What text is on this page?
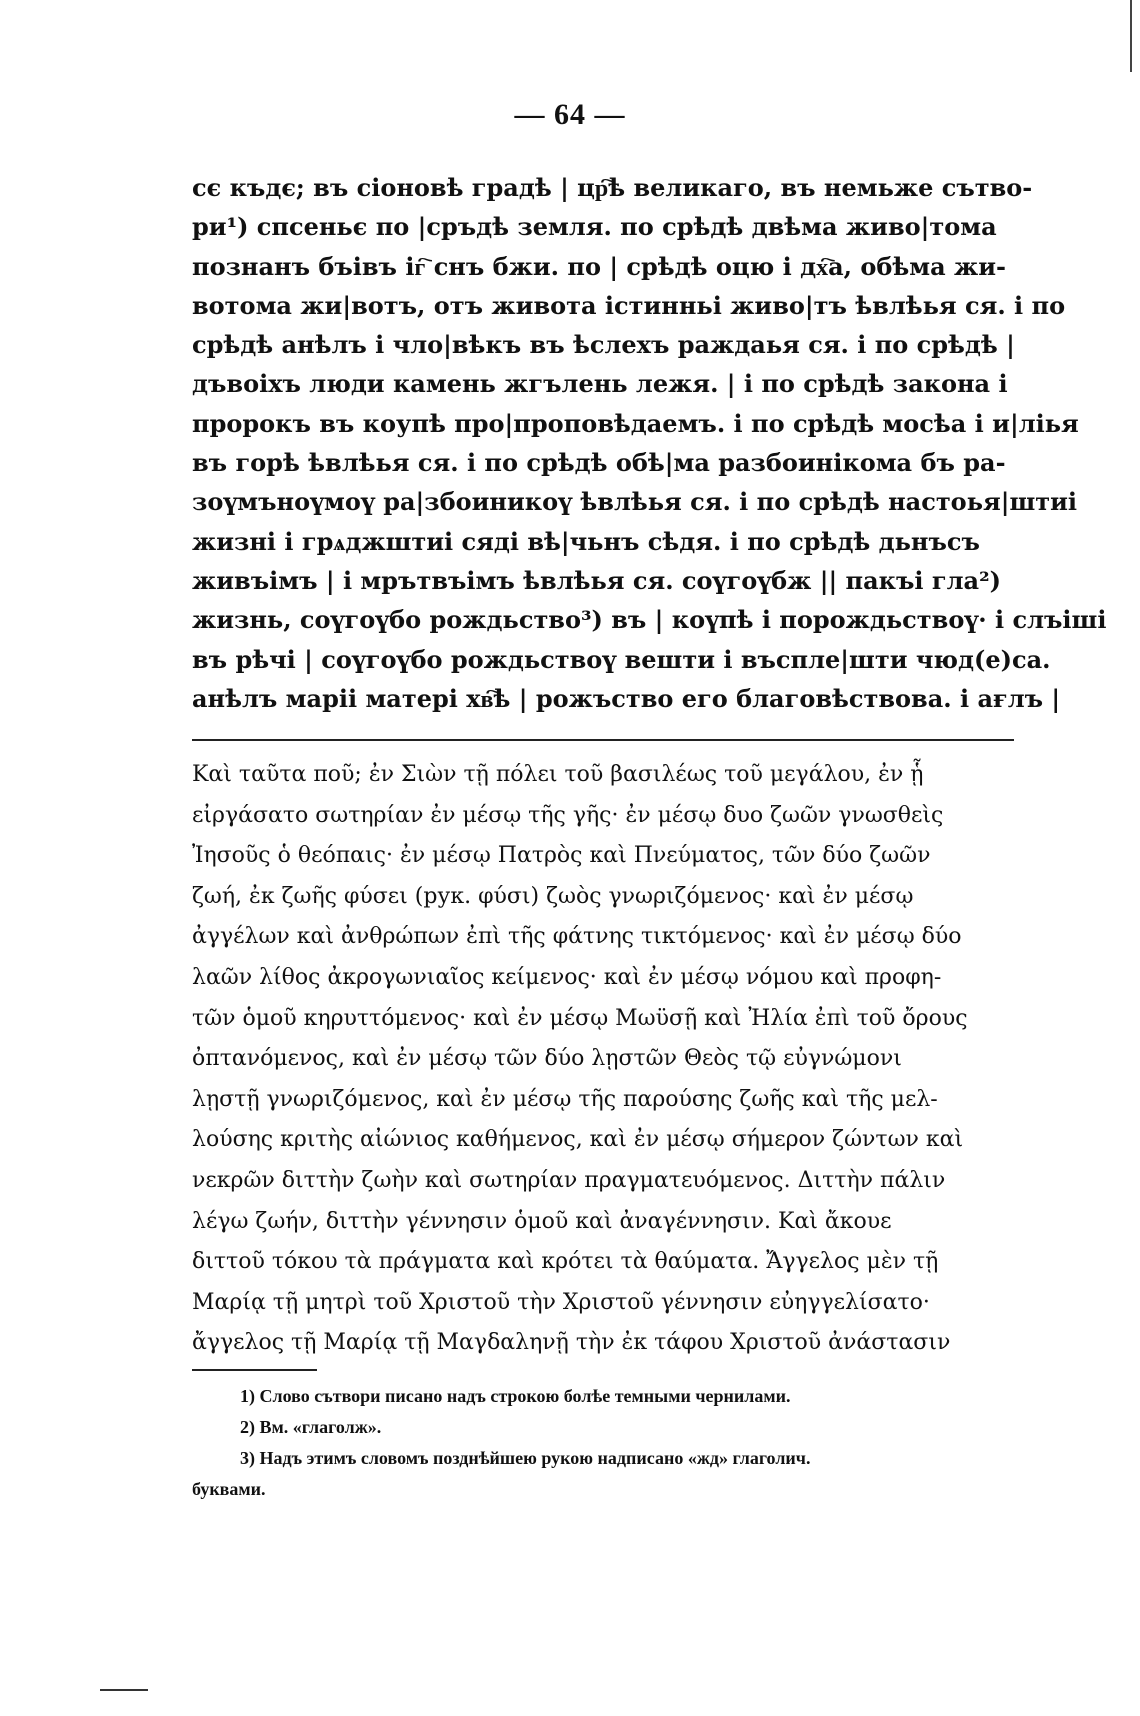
— 64 —
сє къдє; въ сіоновѣ градѣ | цр҇ѣ великаго, въ немьже сътво-
ри¹) спсеньє по |сръдѣ земля. по срѣдѣ двѣма живо|тома
познанъ бъівъ іг҇ снъ бжи. по | срѣдѣ оцю і дх҇а, обѣма жи-
вотома жи|вотъ, отъ живота істинньі живо|тъ ѣвлѣья ся. і по
срѣдѣ анѣлъ і чло|вѣкъ въ ѣслеxъ раждаья ся. і по срѣдѣ |
дъвоіхъ люди камень жгълень лежя. | і по срѣдѣ закона і
пророкъ въ коупѣ про|проповѣдаемъ. і по срѣдѣ мосѣа і и|ліья
въ горѣ ѣвлѣья ся. і по срѣдѣ обѣ|ма разбоинікома бъ ра-
зоүмъноүмоү ра|збоиникоү ѣвлѣья ся. і по срѣдѣ настоья|штиі
жизні і грѧджштиі сяді вѣ|чьнъ сѣдя. і по срѣдѣ дьнъсъ
живъімъ | і мрътвъімъ ѣвлѣья ся. соүгоүбж || пакъі гла²)
жизнь, соүгоүбо рождьство³) въ | коүпѣ і порождьствоү· і слъіші
въ рѣчі | соүгоүбо рождьствоү вешти і въспле|шти чюд(е)са.
анѣлъ маріі матері хв҇ѣ | рожъство его благовѣствова. і ағлъ |
Καὶ ταῦτα ποῦ; ἐν Σιὼν τῇ πόλει τοῦ βασιλέως τοῦ μεγάλου, ἐν ᾗ
εἰργάσατο σωτηρίαν ἐν μέσῳ τῆς γῆς· ἐν μέσῳ δυο ζωῶν γνωσθεὶς
Ἰησοῦς ὁ θεόπαις· ἐν μέσῳ Πατρὸς καὶ Πνεύματος, τῶν δύο ζωῶν
ζωή, ἐκ ζωῆς φύσει (рук. φύσι) ζωὸς γνωριζόμενος· καὶ ἐν μέσῳ
ἀγγέλων καὶ ἀνθρώπων ἐπὶ τῆς φάτνης τικτόμενος· καὶ ἐν μέσῳ δύο
λαῶν λίθος ἀκρογωνιαῖος κείμενος· καὶ ἐν μέσῳ νόμου καὶ προφη-
τῶν ὁμοῦ κηρυττόμενος· καὶ ἐν μέσῳ Μωϋσῇ καὶ Ἠλία ἐπὶ τοῦ ὄρους
ὀπτανόμενος, καὶ ἐν μέσῳ τῶν δύο λῃστῶν Θεὸς τῷ εὐγνώμονι
λῃστῇ γνωριζόμενος, καὶ ἐν μέσῳ τῆς παρούσης ζωῆς καὶ τῆς μελ-
λούσης κριτὴς αἰώνιος καθήμενος, καὶ ἐν μέσῳ σήμερον ζώντων καὶ
νεκρῶν διττὴν ζωὴν καὶ σωτηρίαν πραγματευόμενος. Διττὴν πάλιν
λέγω ζωήν, διττὴν γέννησιν ὁμοῦ καὶ ἀναγέννησιν. Καὶ ἄκουε
διττοῦ τόκου τὰ πράγματα καὶ κρότει τὰ θαύματα. Ἄγγελος μὲν τῇ
Μαρίᾳ τῇ μητρὶ τοῦ Χριστοῦ τὴν Χριστοῦ γέννησιν εὐηγγελίσατο·
ἄγγελος τῇ Μαρίᾳ τῇ Μαγδαληνῇ τὴν ἐκ τάφου Χριστοῦ ἀνάστασιν
1) Слово сътвори писано надъ строкою болѣе темными чернилами.
2) Вм. «глаголж».
3) Надъ этимъ словомъ позднѣйшею рукою надписано «жд» глаголич.
буквами.
